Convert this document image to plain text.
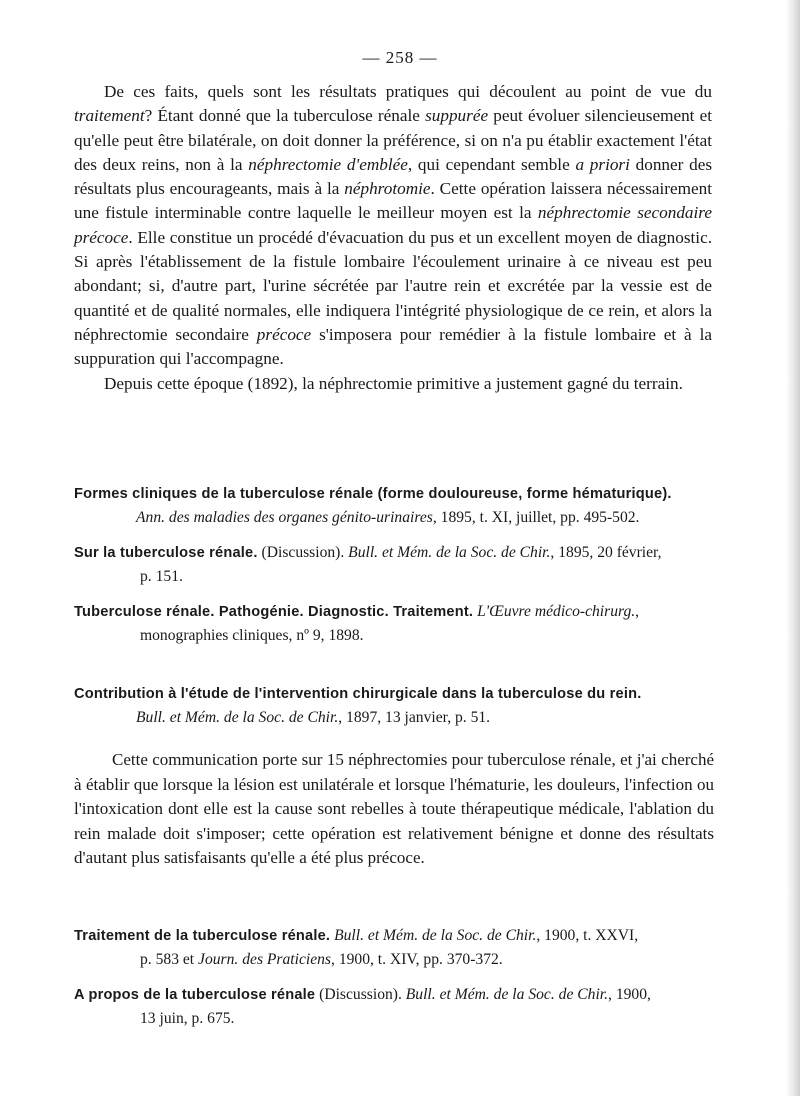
— 258 —

De ces faits, quels sont les résultats pratiques qui découlent au point de vue du traitement? Étant donné que la tuberculose rénale suppurée peut évoluer silencieusement et qu'elle peut être bilatérale, on doit donner la préférence, si on n'a pu établir exactement l'état des deux reins, non à la néphrectomie d'emblée, qui cependant semble a priori donner des résultats plus encourageants, mais à la néphrotomie. Cette opération laissera nécessairement une fistule interminable contre laquelle le meilleur moyen est la néphrectomie secondaire précoce. Elle constitue un procédé d'évacuation du pus et un excellent moyen de diagnostic. Si après l'établissement de la fistule lombaire l'écoulement urinaire à ce niveau est peu abondant; si, d'autre part, l'urine sécrétée par l'autre rein et excrétée par la vessie est de quantité et de qualité normales, elle indiquera l'intégrité physiologique de ce rein, et alors la néphrectomie secondaire précoce s'imposera pour remédier à la fistule lombaire et à la suppuration qui l'accompagne.

Depuis cette époque (1892), la néphrectomie primitive a justement gagné du terrain.

Formes cliniques de la tuberculose rénale (forme douloureuse, forme hématurique).
Ann. des maladies des organes génito-urinaires, 1895, t. XI, juillet, pp. 495-502.
Sur la tuberculose rénale. (Discussion). Bull. et Mém. de la Soc. de Chir., 1895, 20 février,
p. 151.
Tuberculose rénale. Pathogénie. Diagnostic. Traitement. L'Œuvre médico-chirurg.,
monographies cliniques, nº 9, 1898.
Contribution à l'étude de l'intervention chirurgicale dans la tuberculose du rein.
Bull. et Mém. de la Soc. de Chir., 1897, 13 janvier, p. 51.

Cette communication porte sur 15 néphrectomies pour tuberculose rénale, et j'ai cherché à établir que lorsque la lésion est unilatérale et lorsque l'hématurie, les douleurs, l'infection ou l'intoxication dont elle est la cause sont rebelles à toute thérapeutique médicale, l'ablation du rein malade doit s'imposer; cette opération est relativement bénigne et donne des résultats d'autant plus satisfaisants qu'elle a été plus précoce.

Traitement de la tuberculose rénale. Bull. et Mém. de la Soc. de Chir., 1900, t. XXVI,
p. 583 et Journ. des Praticiens, 1900, t. XIV, pp. 370-372.
A propos de la tuberculose rénale (Discussion). Bull. et Mém. de la Soc. de Chir., 1900,
13 juin, p. 675.
